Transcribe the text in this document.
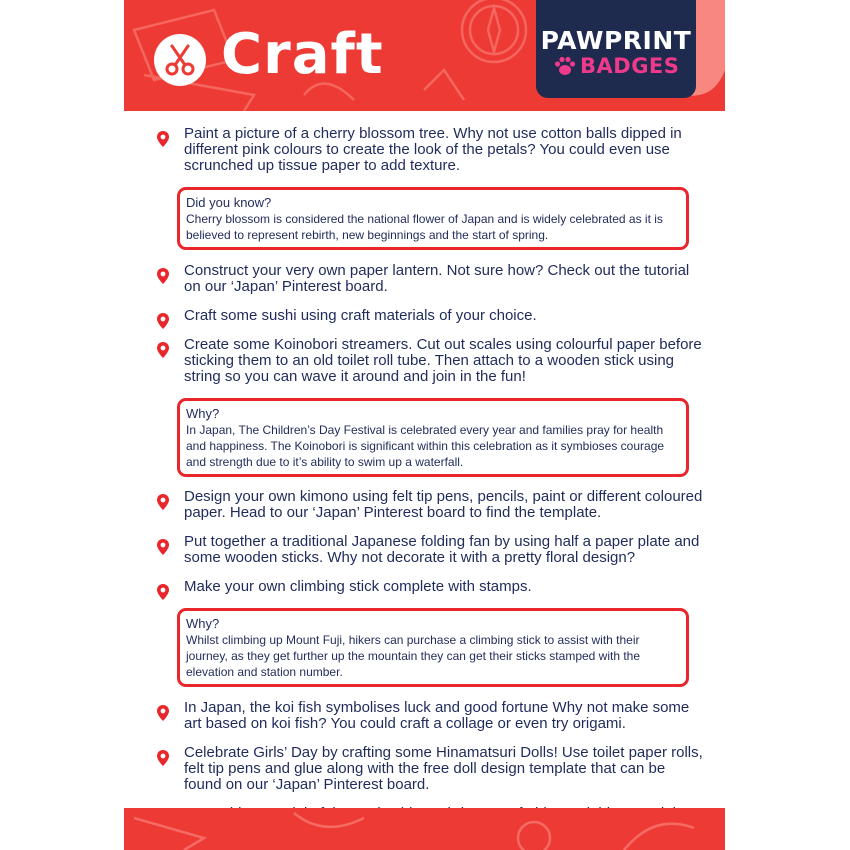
Craft	PAWPRINT
BADGES
Paint a picture of a cherry blossom tree. Why not use cotton balls dipped in different pink colours to create the look of the petals? You could even use scrunched up tissue paper to add texture.
Did you know?
Cherry blossom is considered the national flower of Japan and is widely celebrated as it is believed to represent rebirth, new beginnings and the start of spring.
Construct your very own paper lantern. Not sure how? Check out the tutorial on our ‘Japan’ Pinterest board.
Craft some sushi using craft materials of your choice.
Create some Koinobori streamers. Cut out scales using colourful paper before sticking them to an old toilet roll tube. Then attach to a wooden stick using string so you can wave it around and join in the fun!
Why?
In Japan, The Children’s Day Festival is celebrated every year and families pray for health and happiness. The Koinobori is significant within this celebration as it symbioses courage and strength due to it’s ability to swim up a waterfall.
Design your own kimono using felt tip pens, pencils, paint or different coloured paper. Head to our ‘Japan’ Pinterest board to find the template.
Put together a traditional Japanese folding fan by using half a paper plate and some wooden sticks. Why not decorate it with a pretty floral design?
Make your own climbing stick complete with stamps.
Why?
Whilst climbing up Mount Fuji, hikers can purchase a climbing stick to assist with their journey, as they get further up the mountain they can get their sticks stamped with the elevation and station number.
In Japan, the koi fish symbolises luck and good fortune Why not make some art based on koi fish? You could craft a collage or even try origami.
Celebrate Girls’ Day by crafting some Hinamatsuri Dolls! Use toilet paper rolls, felt tip pens and glue along with the free doll design template that can be found on our ‘Japan’ Pinterest board.
